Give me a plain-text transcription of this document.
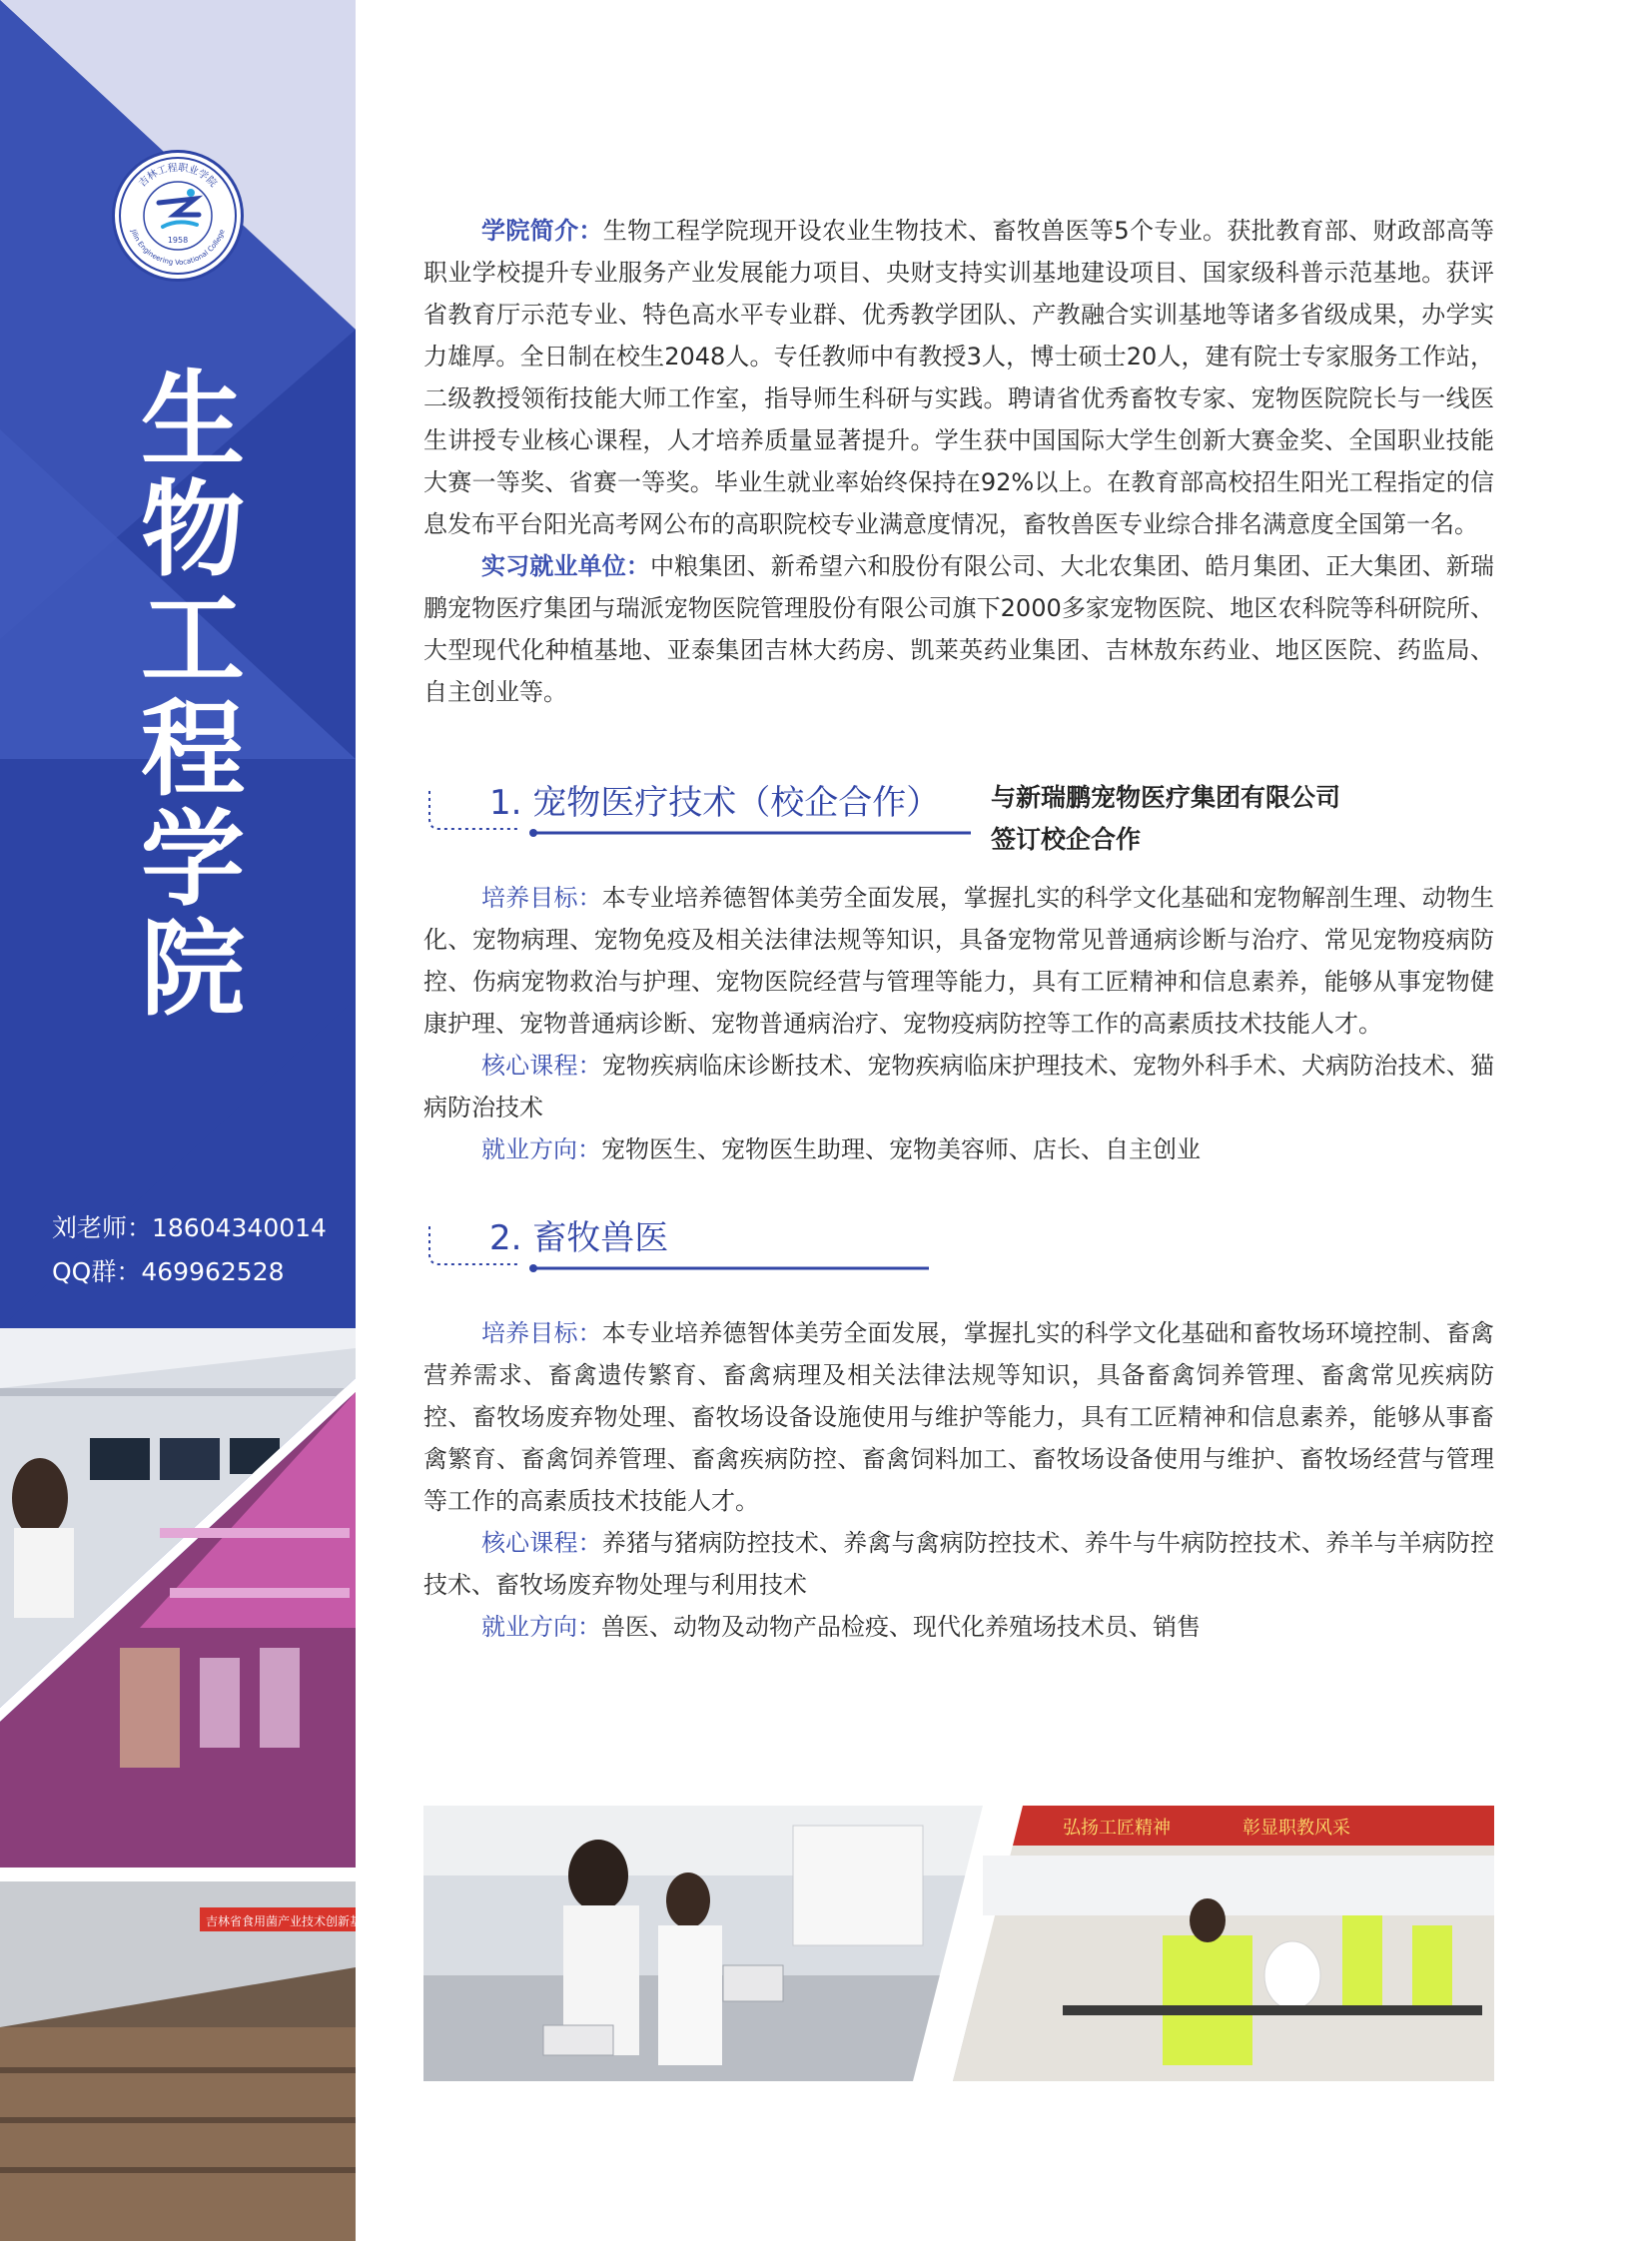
吉林工程职业学院
Jilin Engineering Vocational College
1958
生物工程学院
刘老师：18604340014
QQ群：469962528
吉林省食用菌产业技术创新基地

学院简介：生物工程学院现开设农业生物技术、畜牧兽医等5个专业。获批教育部、财政部高等职业学校提升专业服务产业发展能力项目、央财支持实训基地建设项目、国家级科普示范基地。获评省教育厅示范专业、特色高水平专业群、优秀教学团队、产教融合实训基地等诸多省级成果，办学实力雄厚。全日制在校生2048人。专任教师中有教授3人，博士硕士20人，建有院士专家服务工作站，二级教授领衔技能大师工作室，指导师生科研与实践。聘请省优秀畜牧专家、宠物医院院长与一线医生讲授专业核心课程，人才培养质量显著提升。学生获中国国际大学生创新大赛金奖、全国职业技能大赛一等奖、省赛一等奖。毕业生就业率始终保持在92%以上。在教育部高校招生阳光工程指定的信息发布平台阳光高考网公布的高职院校专业满意度情况，畜牧兽医专业综合排名满意度全国第一名。

实习就业单位：中粮集团、新希望六和股份有限公司、大北农集团、皓月集团、正大集团、新瑞鹏宠物医疗集团与瑞派宠物医院管理股份有限公司旗下2000多家宠物医院、地区农科院等科研院所、大型现代化种植基地、亚泰集团吉林大药房、凯莱英药业集团、吉林敖东药业、地区医院、药监局、自主创业等。

1. 宠物医疗技术（校企合作） 与新瑞鹏宠物医疗集团有限公司
签订校企合作

培养目标：本专业培养德智体美劳全面发展，掌握扎实的科学文化基础和宠物解剖生理、动物生化、宠物病理、宠物免疫及相关法律法规等知识，具备宠物常见普通病诊断与治疗、常见宠物疫病防控、伤病宠物救治与护理、宠物医院经营与管理等能力，具有工匠精神和信息素养，能够从事宠物健康护理、宠物普通病诊断、宠物普通病治疗、宠物疫病防控等工作的高素质技术技能人才。

核心课程：宠物疾病临床诊断技术、宠物疾病临床护理技术、宠物外科手术、犬病防治技术、猫病防治技术

就业方向：宠物医生、宠物医生助理、宠物美容师、店长、自主创业

2. 畜牧兽医

培养目标：本专业培养德智体美劳全面发展，掌握扎实的科学文化基础和畜牧场环境控制、畜禽营养需求、畜禽遗传繁育、畜禽病理及相关法律法规等知识，具备畜禽饲养管理、畜禽常见疾病防控、畜牧场废弃物处理、畜牧场设备设施使用与维护等能力，具有工匠精神和信息素养，能够从事畜禽繁育、畜禽饲养管理、畜禽疾病防控、畜禽饲料加工、畜牧场设备使用与维护、畜牧场经营与管理等工作的高素质技术技能人才。

核心课程：养猪与猪病防控技术、养禽与禽病防控技术、养牛与牛病防控技术、养羊与羊病防控技术、畜牧场废弃物处理与利用技术

就业方向：兽医、动物及动物产品检疫、现代化养殖场技术员、销售

弘扬工匠精神	彰显职教风采
